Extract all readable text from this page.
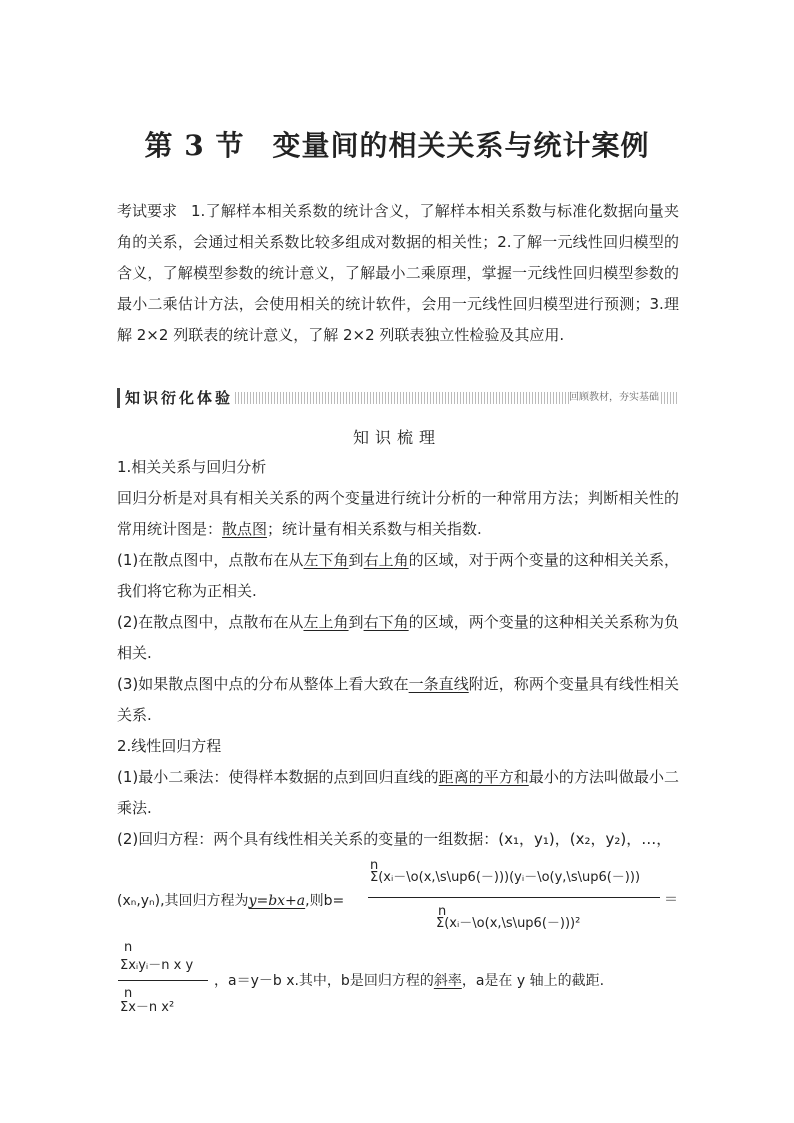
第 3 节 变量间的相关关系与统计案例
考试要求 1.了解样本相关系数的统计含义，了解样本相关系数与标准化数据向量夹角的关系，会通过相关系数比较多组成对数据的相关性；2.了解一元线性回归模型的含义，了解模型参数的统计意义，了解最小二乘原理，掌握一元线性回归模型参数的最小二乘估计方法，会使用相关的统计软件，会用一元线性回归模型进行预测；3.理解 2×2 列联表的统计意义，了解 2×2 列联表独立性检验及其应用.
知识衍化体验	回顾教材，夯实基础
知识梳理

1.相关关系与回归分析

回归分析是对具有相关关系的两个变量进行统计分析的一种常用方法；判断相关性的常用统计图是：散点图；统计量有相关系数与相关指数.

(1)在散点图中，点散布在从左下角到右上角的区域，对于两个变量的这种相关关系，我们将它称为正相关.

(2)在散点图中，点散布在从左上角到右下角的区域，两个变量的这种相关关系称为负相关.

(3)如果散点图中点的分布从整体上看大致在一条直线附近，称两个变量具有线性相关关系.

2.线性回归方程

(1)最小二乘法：使得样本数据的点到回归直线的距离的平方和最小的方法叫做最小二乘法.

(2)回归方程：两个具有线性相关关系的变量的一组数据：(x₁，y₁)，(x₂，y₂)，…，

(xₙ,yₙ),其回归方程为y=bx+a,则b=
n
Σ(xᵢ－\o(x,\s\up6(－)))(yᵢ－\o(y,\s\up6(－)))
n
Σ(xᵢ－\o(x,\s\up6(－)))²
＝
n
Σxᵢyᵢ－n x y
n
Σx－n x²
，a＝y－b x.其中，b是回归方程的斜率，a是在 y 轴上的截距.
